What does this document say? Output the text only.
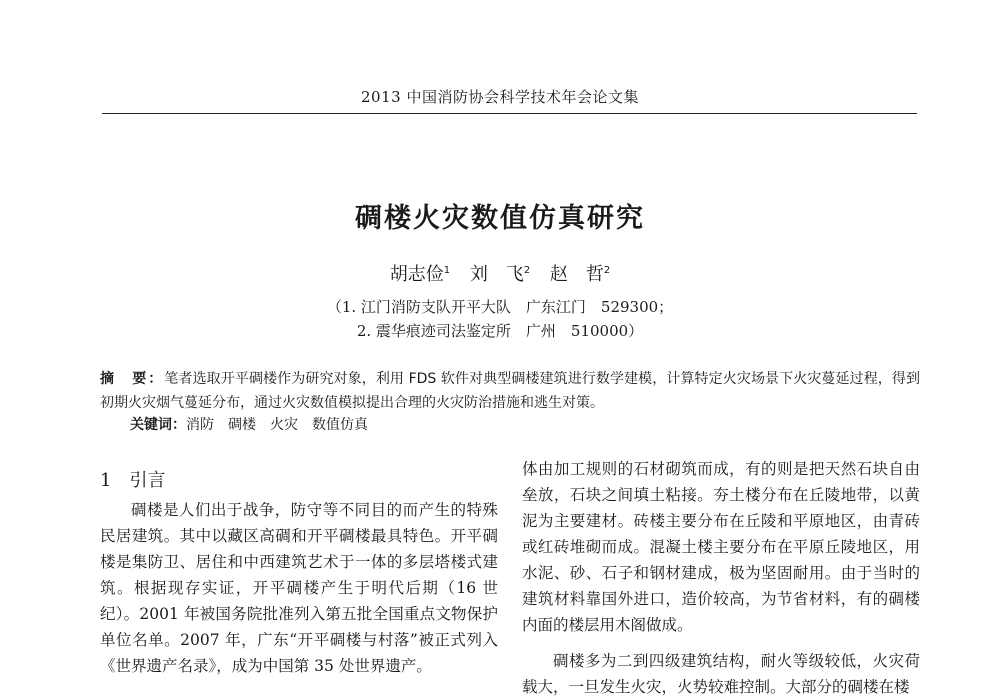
2013 中国消防协会科学技术年会论文集
碉楼火灾数值仿真研究
胡志俭$^1$ 刘　飞$^2$ 赵　哲$^2$
（1. 江门消防支队开平大队　广东江门　529300；
2. 震华痕迹司法鉴定所　广州　510000）
摘　要：笔者选取开平碉楼作为研究对象，利用 FDS 软件对典型碉楼建筑进行数学建模，计算特定火灾场景下火灾蔓延过程，得到初期火灾烟气蔓延分布，通过火灾数值模拟提出合理的火灾防治措施和逃生对策。
关键词：消防　碉楼　火灾　数值仿真
1 引言

碉楼是人们出于战争，防守等不同目的而产生的特殊民居建筑。其中以藏区高碉和开平碉楼最具特色。开平碉楼是集防卫、居住和中西建筑艺术于一体的多层塔楼式建筑。根据现存实证，开平碉楼产生于明代后期（16 世纪）。2001 年被国务院批准列入第五批全国重点文物保护单位名单。2007 年，广东“开平碉楼与村落”被正式列入《世界遗产名录》，成为中国第 35 处世界遗产。

体由加工规则的石材砌筑而成，有的则是把天然石块自由垒放，石块之间填土粘接。夯土楼分布在丘陵地带，以黄泥为主要建材。砖楼主要分布在丘陵和平原地区，由青砖或红砖堆砌而成。混凝土楼主要分布在平原丘陵地区，用水泥、砂、石子和钢材建成，极为坚固耐用。由于当时的建筑材料靠国外进口，造价较高，为节省材料，有的碉楼内面的楼层用木阁做成。

碉楼多为二到四级建筑结构，耐火等级较低，火灾荷载大，一旦发生火灾，火势较难控制。大部分的碉楼在楼
